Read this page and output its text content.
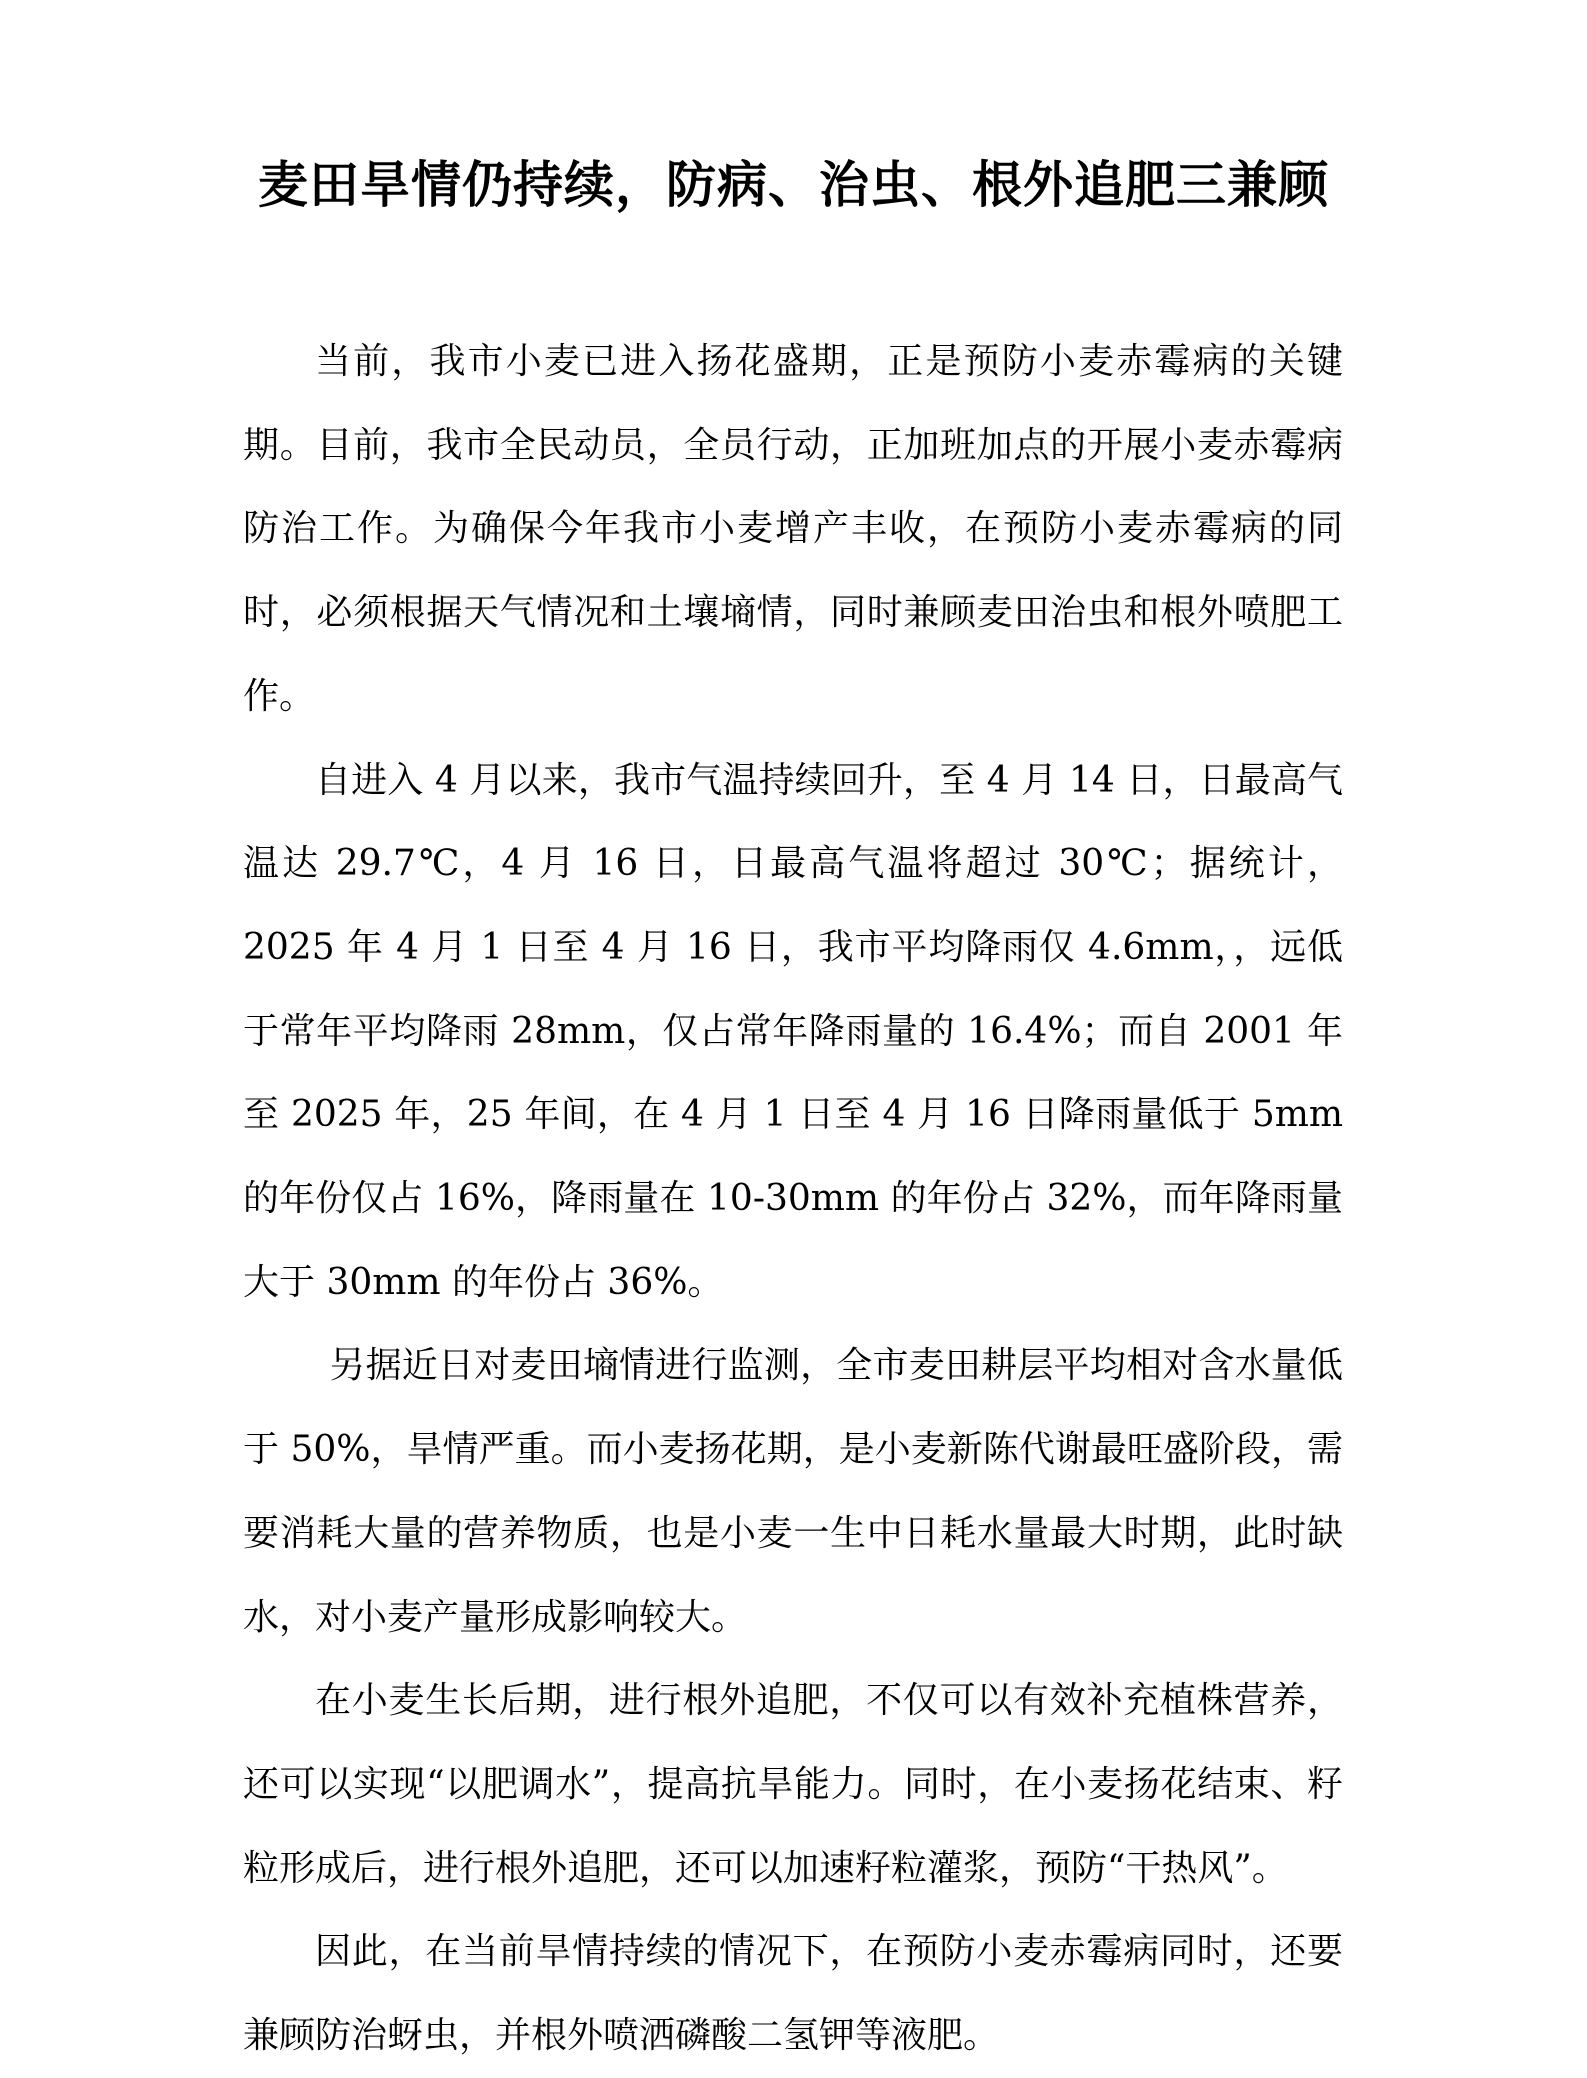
麦田旱情仍持续，防病、治虫、根外追肥三兼顾

当前，我市小麦已进入扬花盛期，正是预防小麦赤霉病的关键期。目前，我市全民动员，全员行动，正加班加点的开展小麦赤霉病防治工作。为确保今年我市小麦增产丰收，在预防小麦赤霉病的同时，必须根据天气情况和土壤墒情，同时兼顾麦田治虫和根外喷肥工作。

自进入 4 月以来，我市气温持续回升，至 4 月 14 日，日最高气温达 29.7℃，4 月 16 日，日最高气温将超过 30℃；据统计，2025 年 4 月 1 日至 4 月 16 日，我市平均降雨仅 4.6mm，，远低于常年平均降雨 28mm，仅占常年降雨量的 16.4%；而自 2001 年至 2025 年，25 年间，在 4 月 1 日至 4 月 16 日降雨量低于 5mm 的年份仅占 16%，降雨量在 10-30mm 的年份占 32%，而年降雨量大于 30mm 的年份占 36%。

另据近日对麦田墒情进行监测，全市麦田耕层平均相对含水量低于 50%，旱情严重。而小麦扬花期，是小麦新陈代谢最旺盛阶段，需要消耗大量的营养物质，也是小麦一生中日耗水量最大时期，此时缺水，对小麦产量形成影响较大。

在小麦生长后期，进行根外追肥，不仅可以有效补充植株营养，还可以实现“以肥调水”，提高抗旱能力。同时，在小麦扬花结束、籽粒形成后，进行根外追肥，还可以加速籽粒灌浆，预防“干热风”。

因此，在当前旱情持续的情况下，在预防小麦赤霉病同时，还要兼顾防治蚜虫，并根外喷洒磷酸二氢钾等液肥。
